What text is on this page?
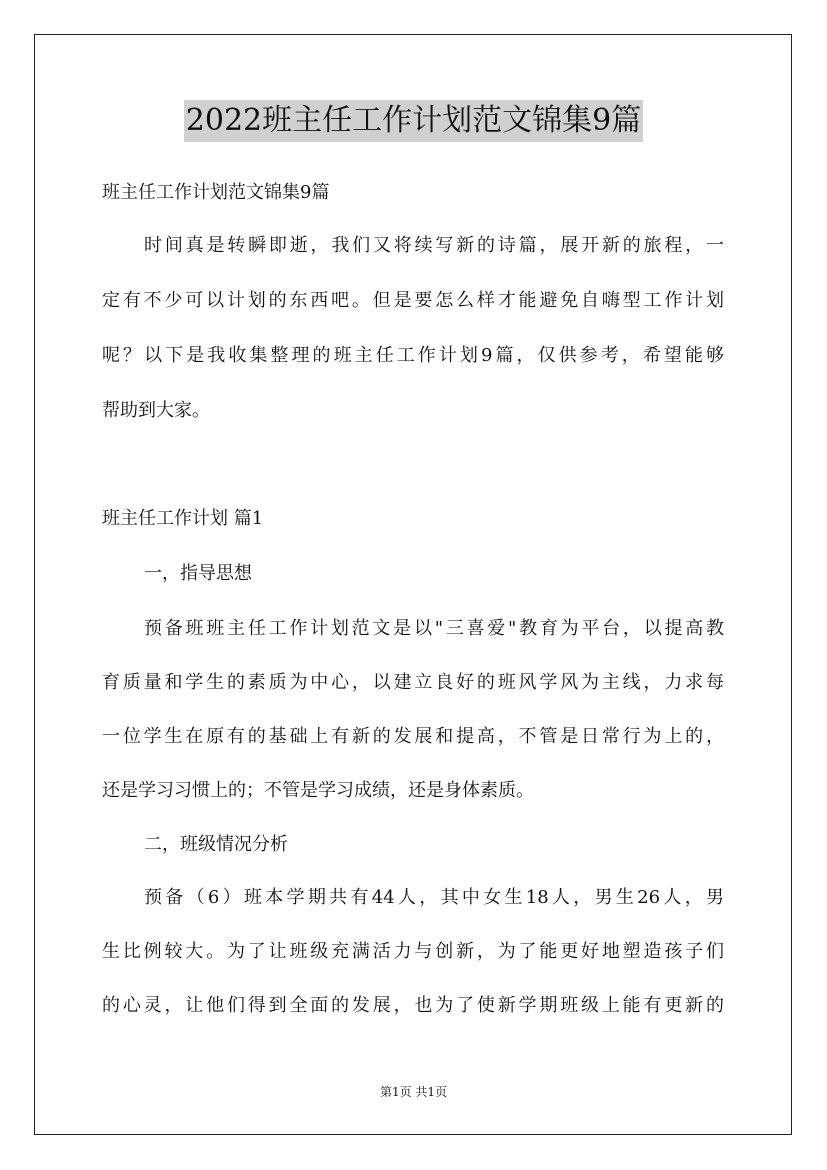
2022班主任工作计划范文锦集9篇
班主任工作计划范文锦集9篇
时间真是转瞬即逝，我们又将续写新的诗篇，展开新的旅程，一
定有不少可以计划的东西吧。但是要怎么样才能避免自嗨型工作计划
呢？以下是我收集整理的班主任工作计划9篇，仅供参考，希望能够
帮助到大家。
班主任工作计划 篇1
一，指导思想
预备班班主任工作计划范文是以"三喜爱"教育为平台，以提高教
育质量和学生的素质为中心，以建立良好的班风学风为主线，力求每
一位学生在原有的基础上有新的发展和提高，不管是日常行为上的，
还是学习习惯上的；不管是学习成绩，还是身体素质。
二，班级情况分析
预备（6）班本学期共有44人，其中女生18人，男生26人，男
生比例较大。为了让班级充满活力与创新，为了能更好地塑造孩子们
的心灵，让他们得到全面的发展，也为了使新学期班级上能有更新的
第1页 共1页
